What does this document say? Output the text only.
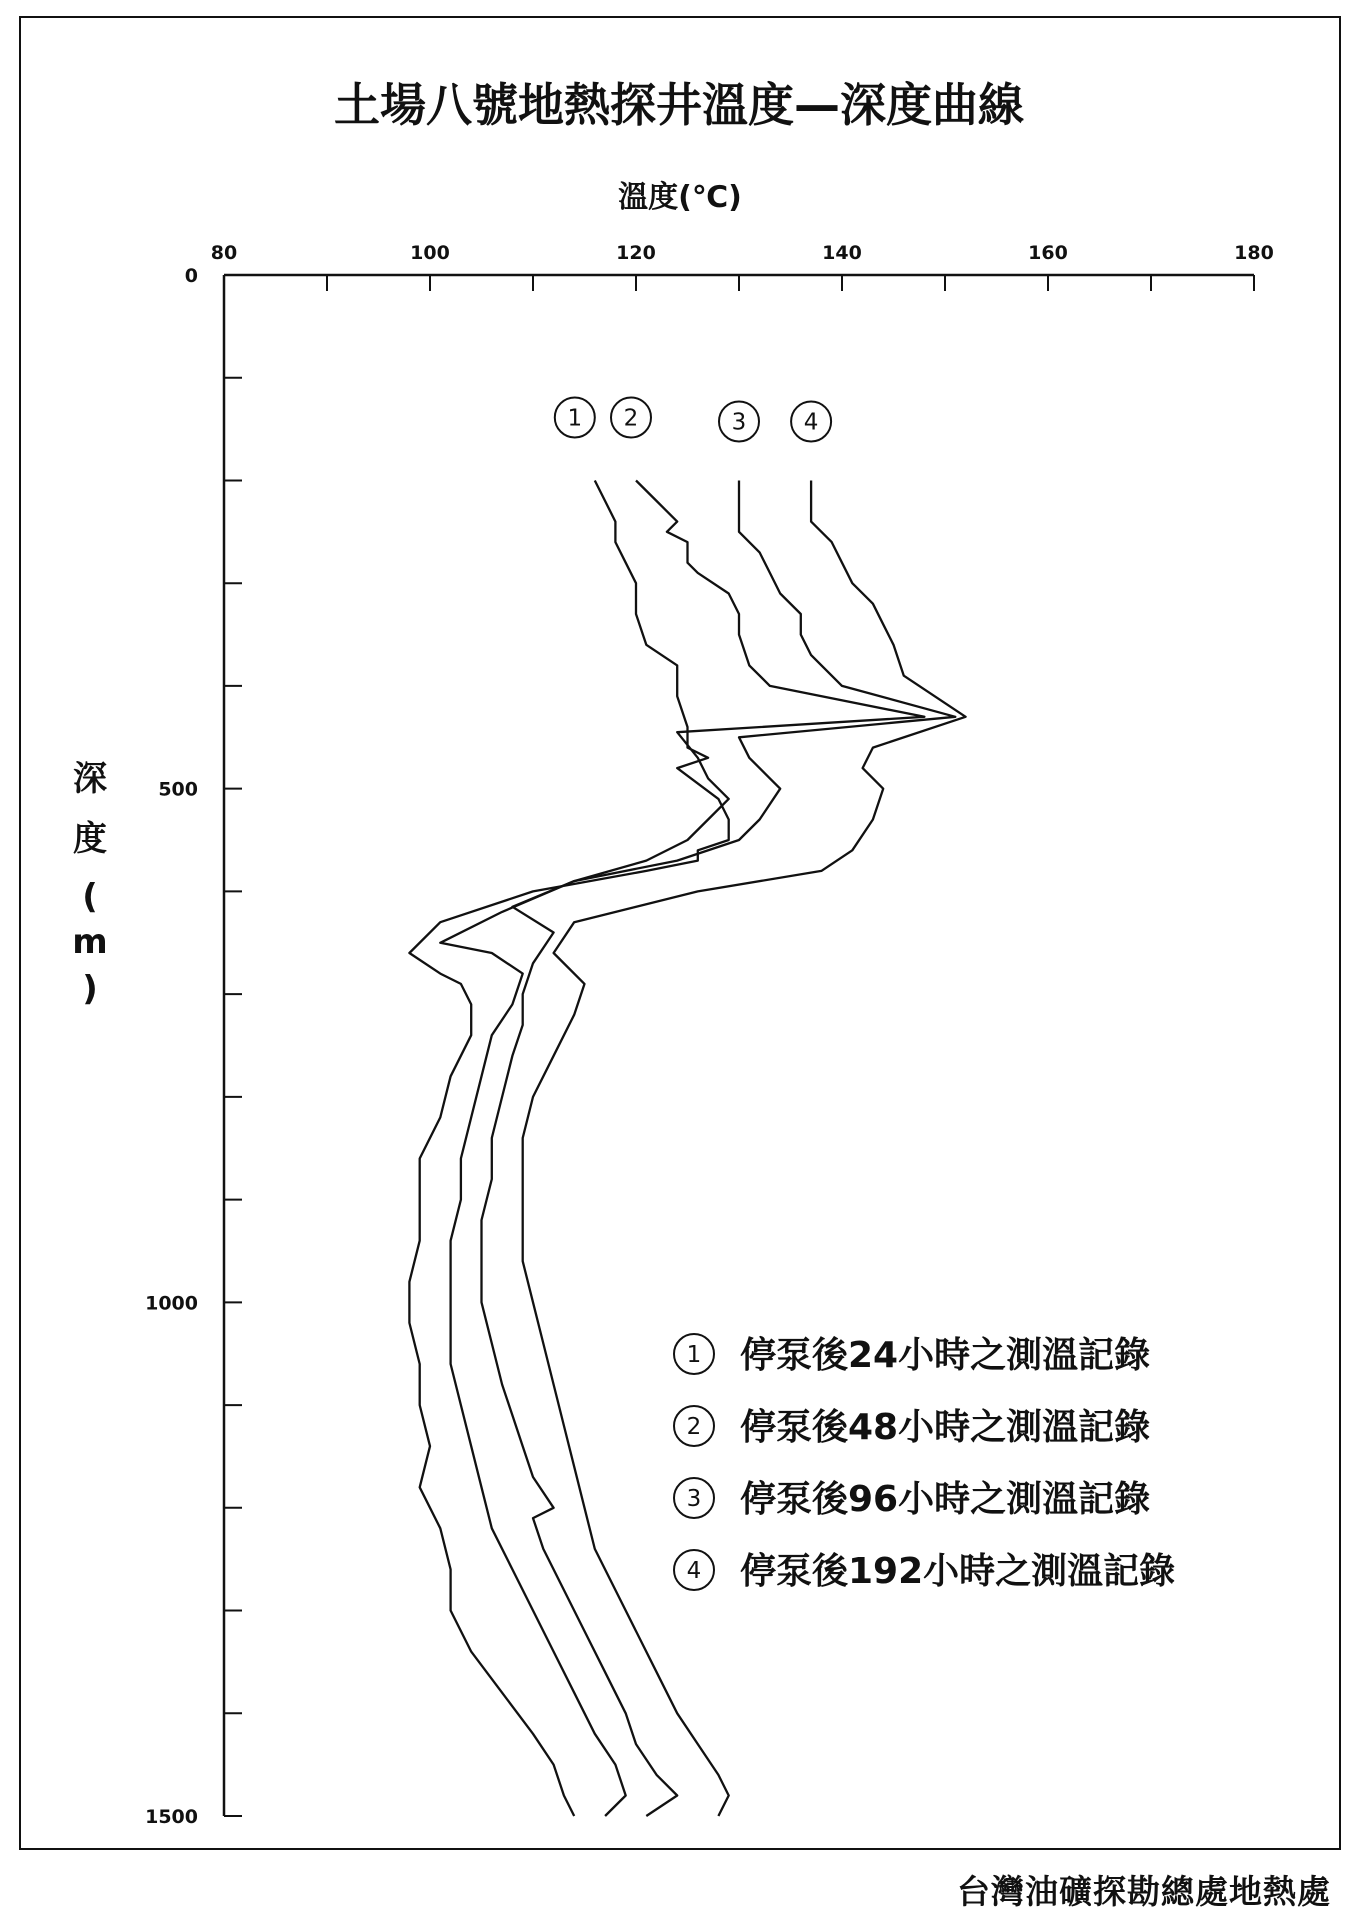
土場八號地熱探井溫度—深度曲線
溫度(℃)
深
度
(
m
)
80	100	120	140	160	180
0
500
1000
1500
1 2	3 4
1 停泵後24小時之測溫記錄
2 停泵後48小時之測溫記錄
3 停泵後96小時之測溫記錄
4 停泵後192小時之測溫記錄
台灣油礦探勘總處地熱處
